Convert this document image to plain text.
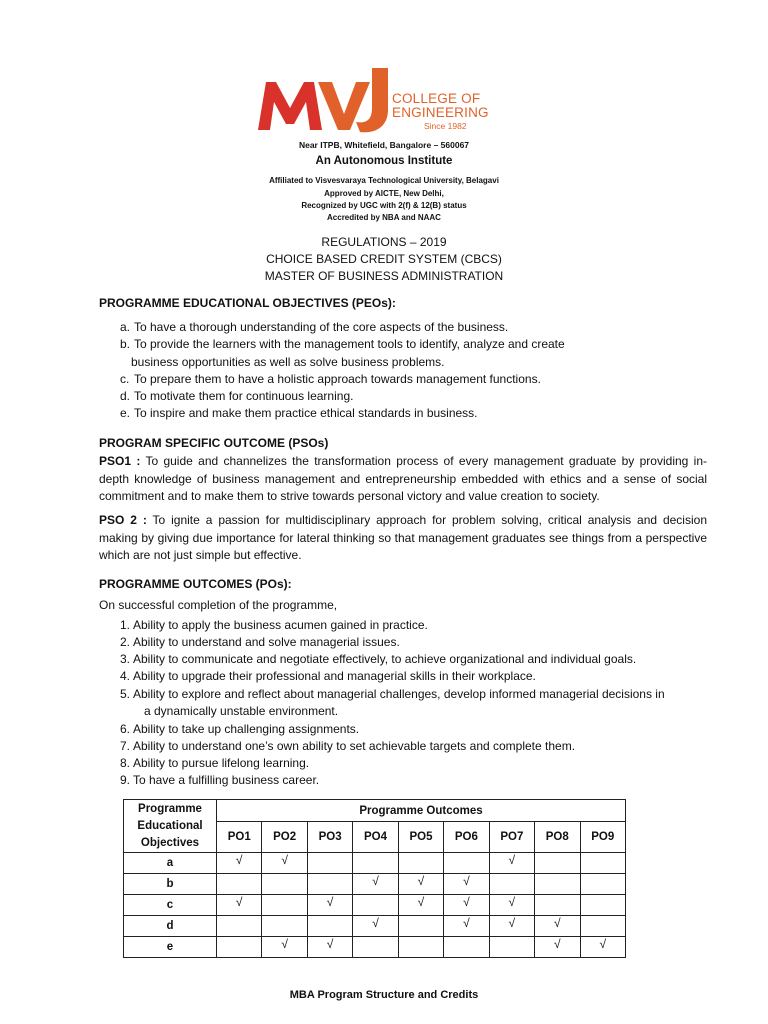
COLLEGE OF
ENGINEERING
Since 1982
Near ITPB, Whitefield, Bangalore – 560067
An Autonomous Institute
Affiliated to Visvesvaraya Technological University, Belagavi
Approved by AICTE, New Delhi,
Recognized by UGC with 2(f) & 12(B) status
Accredited by NBA and NAAC
REGULATIONS – 2019
CHOICE BASED CREDIT SYSTEM (CBCS)
MASTER OF BUSINESS ADMINISTRATION
PROGRAMME EDUCATIONAL OBJECTIVES (PEOs):
a. To have a thorough understanding of the core aspects of the business.
b. To provide the learners with the management tools to identify, analyze and create
business opportunities as well as solve business problems.
c. To prepare them to have a holistic approach towards management functions.
d. To motivate them for continuous learning.
e. To inspire and make them practice ethical standards in business.
PROGRAM SPECIFIC OUTCOME (PSOs)
PSO1 : To guide and channelizes the transformation process of every management graduate by providing in-depth knowledge of business management and entrepreneurship embedded with ethics and a sense of social commitment and to make them to strive towards personal victory and value creation to society.
PSO 2 : To ignite a passion for multidisciplinary approach for problem solving, critical analysis and decision making by giving due importance for lateral thinking so that management graduates see things from a perspective which are not just simple but effective.
PROGRAMME OUTCOMES (POs):
On successful completion of the programme,
1. Ability to apply the business acumen gained in practice.
2. Ability to understand and solve managerial issues.
3. Ability to communicate and negotiate effectively, to achieve organizational and individual goals.
4. Ability to upgrade their professional and managerial skills in their workplace.
5. Ability to explore and reflect about managerial challenges, develop informed managerial decisions in
a dynamically unstable environment.
6. Ability to take up challenging assignments.
7. Ability to understand one’s own ability to set achievable targets and complete them.
8. Ability to pursue lifelong learning.
9. To have a fulfilling business career.
Programme
Educational
Objectives	Programme Outcomes								
	PO1	PO2	PO3	PO4	PO5	PO6	PO7	PO8	PO9
a	√	√					√		
b				√	√	√			
c	√		√		√	√	√		
d				√		√	√	√	
e		√	√					√	√
MBA Program Structure and Credits
